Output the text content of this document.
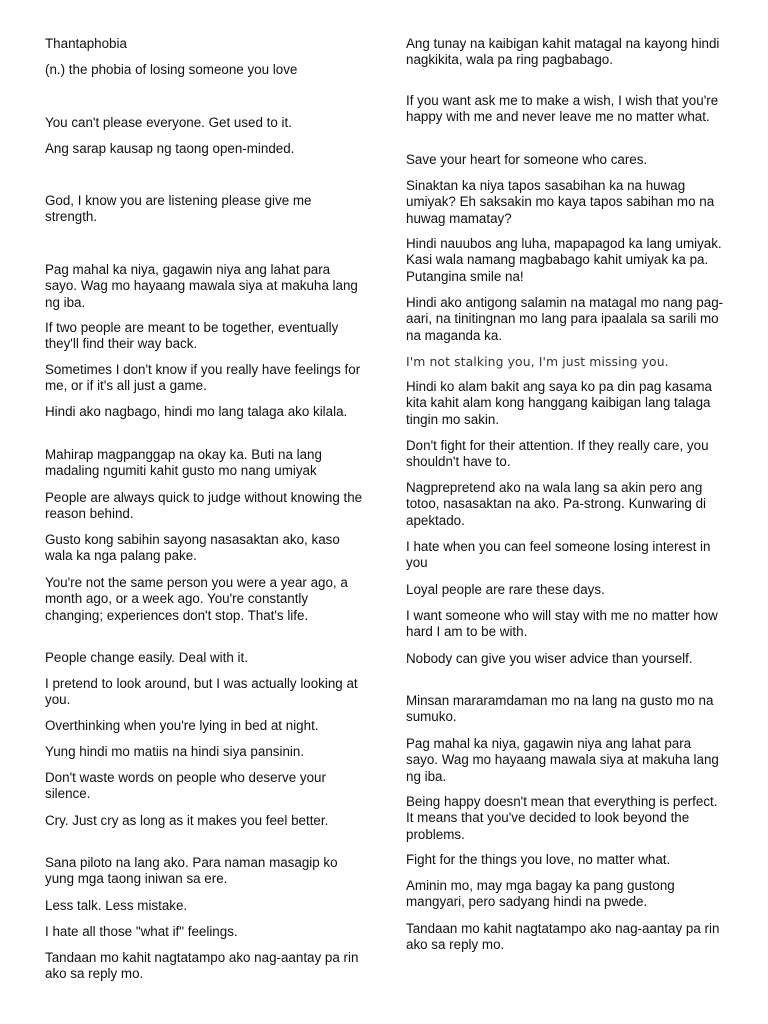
Thantaphobia

(n.) the phobia of losing someone you love

You can't please everyone. Get used to it.

Ang sarap kausap ng taong open-minded.

God, I know you are listening please give me strength.

Pag mahal ka niya, gagawin niya ang lahat para sayo. Wag mo hayaang mawala siya at makuha lang ng iba.

If two people are meant to be together, eventually they'll find their way back.

Sometimes I don't know if you really have feelings for me, or if it's all just a game.

Hindi ako nagbago, hindi mo lang talaga ako kilala.

Mahirap magpanggap na okay ka. Buti na lang madaling ngumiti kahit gusto mo nang umiyak

People are always quick to judge without knowing the reason behind.

Gusto kong sabihin sayong nasasaktan ako, kaso wala ka nga palang pake.

You're not the same person you were a year ago, a month ago, or a week ago. You're constantly changing; experiences don't stop. That's life.

People change easily. Deal with it.

I pretend to look around, but I was actually looking at you.

Overthinking when you're lying in bed at night.

Yung hindi mo matiis na hindi siya pansinin.

Don't waste words on people who deserve your silence.

Cry. Just cry as long as it makes you feel better.

Sana piloto na lang ako. Para naman masagip ko yung mga taong iniwan sa ere.

Less talk. Less mistake.

I hate all those "what if" feelings.

Tandaan mo kahit nagtatampo ako nag-aantay pa rin ako sa reply mo.

Ang tunay na kaibigan kahit matagal na kayong hindi nagkikita, wala pa ring pagbabago.

If you want ask me to make a wish, I wish that you're happy with me and never leave me no matter what.

Save your heart for someone who cares.

Sinaktan ka niya tapos sasabihan ka na huwag umiyak? Eh saksakin mo kaya tapos sabihan mo na huwag mamatay?

Hindi nauubos ang luha, mapapagod ka lang umiyak. Kasi wala namang magbabago kahit umiyak ka pa. Putangina smile na!

Hindi ako antigong salamin na matagal mo nang pag-aari, na tinitingnan mo lang para ipaalala sa sarili mo na maganda ka.

I'm not stalking you, I'm just missing you.

Hindi ko alam bakit ang saya ko pa din pag kasama kita kahit alam kong hanggang kaibigan lang talaga tingin mo sakin.

Don't fight for their attention. If they really care, you shouldn't have to.

Nagprepretend ako na wala lang sa akin pero ang totoo, nasasaktan na ako. Pa-strong. Kunwaring di apektado.

I hate when you can feel someone losing interest in you

Loyal people are rare these days.

I want someone who will stay with me no matter how hard I am to be with.

Nobody can give you wiser advice than yourself.

Minsan mararamdaman mo na lang na gusto mo na sumuko.

Pag mahal ka niya, gagawin niya ang lahat para sayo. Wag mo hayaang mawala siya at makuha lang ng iba.

Being happy doesn't mean that everything is perfect. It means that you've decided to look beyond the problems.

Fight for the things you love, no matter what.

Aminin mo, may mga bagay ka pang gustong mangyari, pero sadyang hindi na pwede.

Tandaan mo kahit nagtatampo ako nag-aantay pa rin ako sa reply mo.
